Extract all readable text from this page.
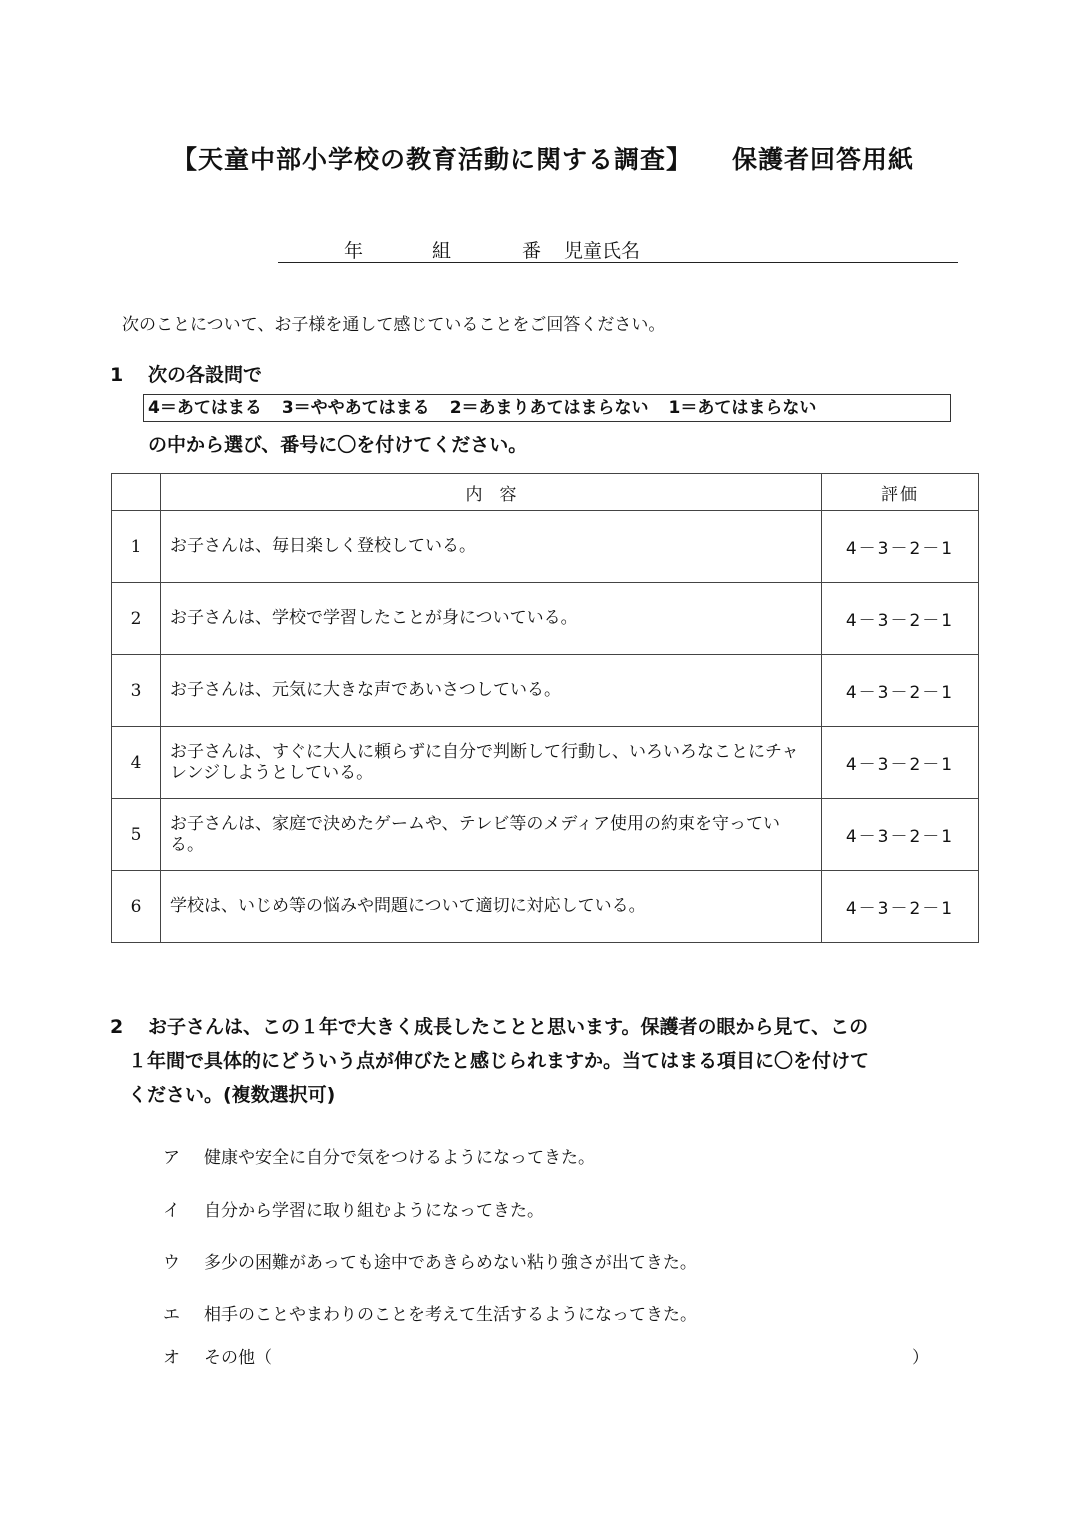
【天童中部小学校の教育活動に関する調査】 保護者回答用紙
年	組	番 児童氏名
次のことについて、お子様を通して感じていることをご回答ください。
1 次の各設問で
4＝あてはまる 3＝ややあてはまる 2＝あまりあてはまらない 1＝あてはまらない
の中から選び、番号に〇を付けてください。
	内　容	評価
1	お子さんは、毎日楽しく登校している。	4－3－2－1
2	お子さんは、学校で学習したことが身についている。	4－3－2－1
3	お子さんは、元気に大きな声であいさつしている。	4－3－2－1
4	お子さんは、すぐに大人に頼らずに自分で判断して行動し、いろいろなことにチャレンジしようとしている。	4－3－2－1
5	お子さんは、家庭で決めたゲームや、テレビ等のメディア使用の約束を守っている。	4－3－2－1
6	学校は、いじめ等の悩みや問題について適切に対応している。	4－3－2－1
2 お子さんは、この１年で大きく成長したことと思います。保護者の眼から見て、この
１年間で具体的にどういう点が伸びたと感じられますか。当てはまる項目に〇を付けて
ください。(複数選択可)
ア 健康や安全に自分で気をつけるようになってきた。
イ 自分から学習に取り組むようになってきた。
ウ 多少の困難があっても途中であきらめない粘り強さが出てきた。
エ 相手のことやまわりのことを考えて生活するようになってきた。
オ その他（	）
